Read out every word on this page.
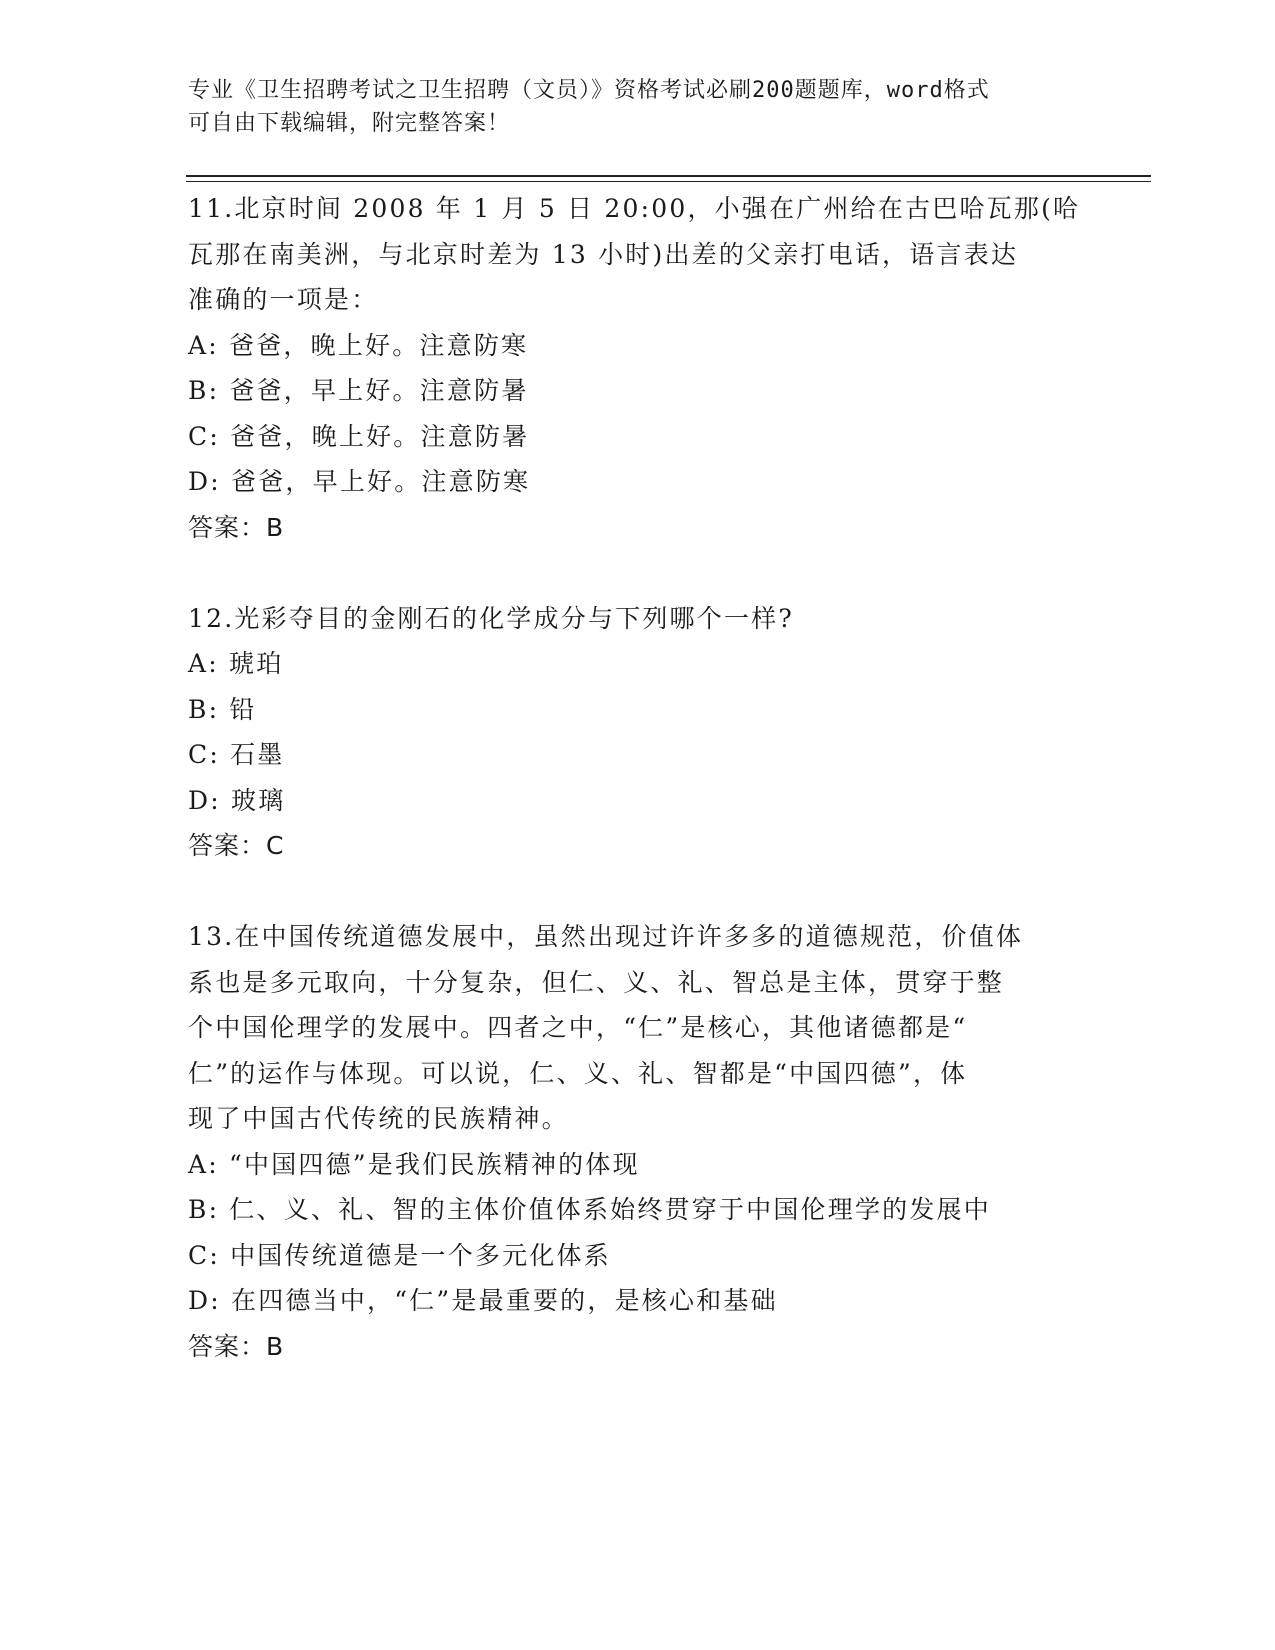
专业《卫生招聘考试之卫生招聘（文员）》资格考试必刷200题题库，word格式
可自由下载编辑，附完整答案！
11.北京时间 2008 年 1 月 5 日 20:00，小强在广州给在古巴哈瓦那(哈
瓦那在南美洲，与北京时差为 13 小时)出差的父亲打电话，语言表达
准确的一项是：
A: 爸爸，晚上好。注意防寒
B: 爸爸，早上好。注意防暑
C: 爸爸，晚上好。注意防暑
D: 爸爸，早上好。注意防寒
答案：B
12.光彩夺目的金刚石的化学成分与下列哪个一样?
A: 琥珀
B: 铅
C: 石墨
D: 玻璃
答案：C
13.在中国传统道德发展中，虽然出现过许许多多的道德规范，价值体
系也是多元取向，十分复杂，但仁、义、礼、智总是主体，贯穿于整
个中国伦理学的发展中。四者之中，“仁”是核心，其他诸德都是“
仁”的运作与体现。可以说，仁、义、礼、智都是“中国四德”，体
现了中国古代传统的民族精神。
A: “中国四德”是我们民族精神的体现
B: 仁、义、礼、智的主体价值体系始终贯穿于中国伦理学的发展中
C: 中国传统道德是一个多元化体系
D: 在四德当中，“仁”是最重要的，是核心和基础
答案：B
